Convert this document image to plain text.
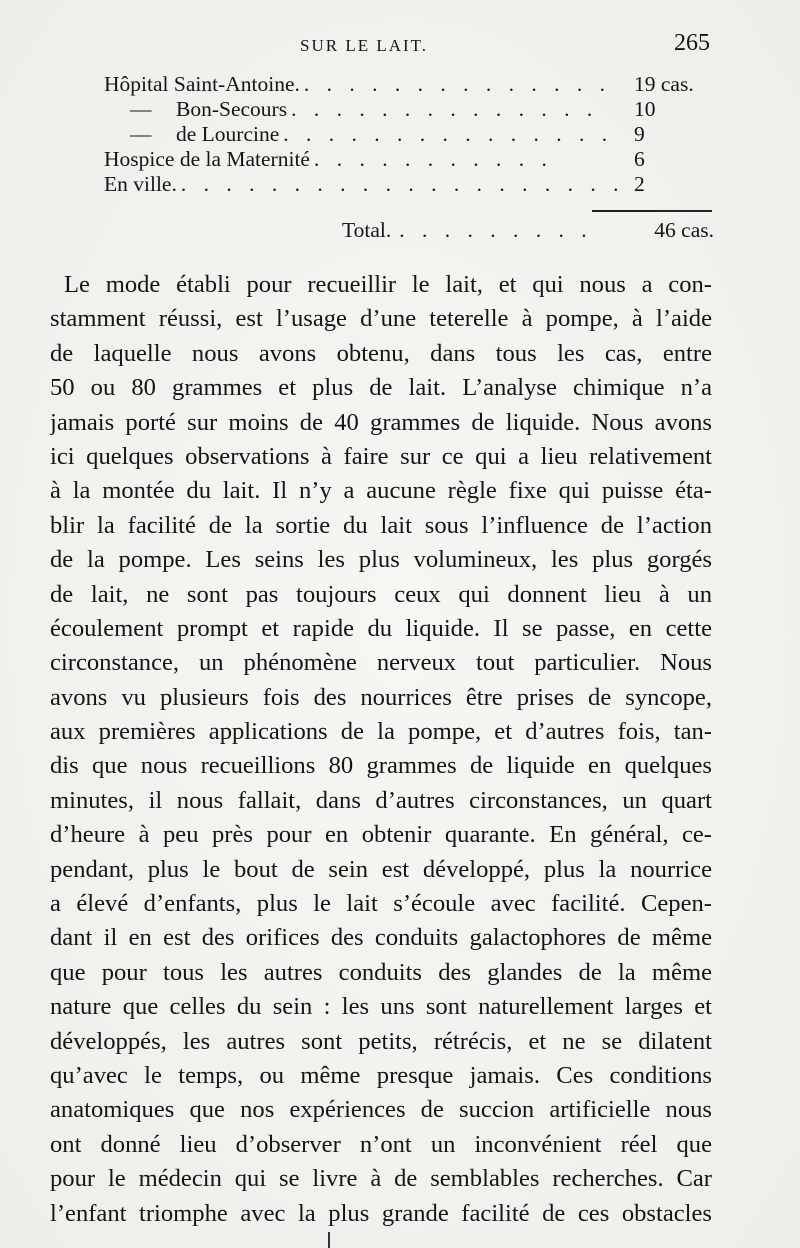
SUR LE LAIT.	265
Hôpital Saint-Antoine. . . . . . . . . . . . . . .	19 cas.
— Bon-Secours . . . . . . . . . . . . . .	10
— de Lourcine . . . . . . . . . . . . . . . 9
Hospice de la Maternité . . . . . . . . . . .	6
En ville. . . . . . . . . . . . . . . . . . . . . 2
Total. . . . . . . . . .	46 cas.
Le mode établi pour recueillir le lait, et qui nous a con-
stamment réussi, est l’usage d’une teterelle à pompe, à l’aide
de laquelle nous avons obtenu, dans tous les cas, entre
50 ou 80 grammes et plus de lait. L’analyse chimique n’a
jamais porté sur moins de 40 grammes de liquide. Nous avons
ici quelques observations à faire sur ce qui a lieu relativement
à la montée du lait. Il n’y a aucune règle fixe qui puisse éta-
blir la facilité de la sortie du lait sous l’influence de l’action
de la pompe. Les seins les plus volumineux, les plus gorgés
de lait, ne sont pas toujours ceux qui donnent lieu à un
écoulement prompt et rapide du liquide. Il se passe, en cette
circonstance, un phénomène nerveux tout particulier. Nous
avons vu plusieurs fois des nourrices être prises de syncope,
aux premières applications de la pompe, et d’autres fois, tan-
dis que nous recueillions 80 grammes de liquide en quelques
minutes, il nous fallait, dans d’autres circonstances, un quart
d’heure à peu près pour en obtenir quarante. En général, ce-
pendant, plus le bout de sein est développé, plus la nourrice
a élevé d’enfants, plus le lait s’écoule avec facilité. Cepen-
dant il en est des orifices des conduits galactophores de même
que pour tous les autres conduits des glandes de la même
nature que celles du sein : les uns sont naturellement larges et
développés, les autres sont petits, rétrécis, et ne se dilatent
qu’avec le temps, ou même presque jamais. Ces conditions
anatomiques que nos expériences de succion artificielle nous
ont donné lieu d’observer n’ont un inconvénient réel que
pour le médecin qui se livre à de semblables recherches. Car
l’enfant triomphe avec la plus grande facilité de ces obstacles
